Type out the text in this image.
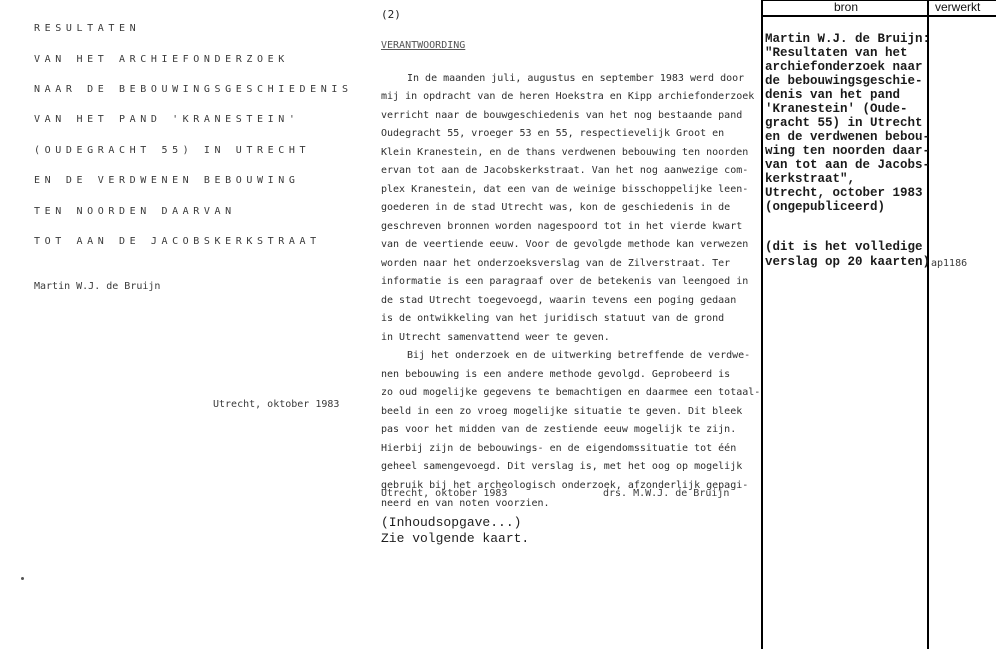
RESULTATEN
VAN HET ARCHIEFONDERZOEK
NAAR DE BEBOUWINGSGESCHIEDENIS
VAN HET PAND 'KRANESTEIN'
(OUDEGRACHT 55) IN UTRECHT
EN DE VERDWENEN BEBOUWING
TEN NOORDEN DAARVAN
TOT AAN DE JACOBSKERKSTRAAT
Martin W.J. de Bruijn
Utrecht, oktober 1983
(2)
VERANTWOORDING
In de maanden juli, augustus en september 1983 werd door
mij in opdracht van de heren Hoekstra en Kipp archiefonderzoek
verricht naar de bouwgeschiedenis van het nog bestaande pand
Oudegracht 55, vroeger 53 en 55, respectievelijk Groot en
Klein Kranestein, en de thans verdwenen bebouwing ten noorden
ervan tot aan de Jacobskerkstraat. Van het nog aanwezige com-
plex Kranestein, dat een van de weinige bisschoppelijke leen-
goederen in de stad Utrecht was, kon de geschiedenis in de
geschreven bronnen worden nagespoord tot in het vierde kwart
van de veertiende eeuw. Voor de gevolgde methode kan verwezen
worden naar het onderzoeksverslag van de Zilverstraat. Ter
informatie is een paragraaf over de betekenis van leengoed in
de stad Utrecht toegevoegd, waarin tevens een poging gedaan
is de ontwikkeling van het juridisch statuut van de grond
in Utrecht samenvattend weer te geven.
Bij het onderzoek en de uitwerking betreffende de verdwe-
nen bebouwing is een andere methode gevolgd. Geprobeerd is
zo oud mogelijke gegevens te bemachtigen en daarmee een totaal-
beeld in een zo vroeg mogelijke situatie te geven. Dit bleek
pas voor het midden van de zestiende eeuw mogelijk te zijn.
Hierbij zijn de bebouwings- en de eigendomssituatie tot één
geheel samengevoegd. Dit verslag is, met het oog op mogelijk
gebruik bij het archeologisch onderzoek, afzonderlijk gepagi-
neerd en van noten voorzien.
Utrecht, oktober 1983	drs. M.W.J. de Bruijn
(Inhoudsopgave...)
Zie volgende kaart.
bron	verwerkt
Martin W.J. de Bruijn:
"Resultaten van het
archiefonderzoek naar
de bebouwingsgeschie-
denis van het pand
'Kranestein' (Oude-
gracht 55) in Utrecht
en de verdwenen bebou-
wing ten noorden daar-
van tot aan de Jacobs-
kerkstraat",
Utrecht, october 1983
(ongepubliceerd)
(dit is het volledige
verslag op 20 kaarten) ap1186
